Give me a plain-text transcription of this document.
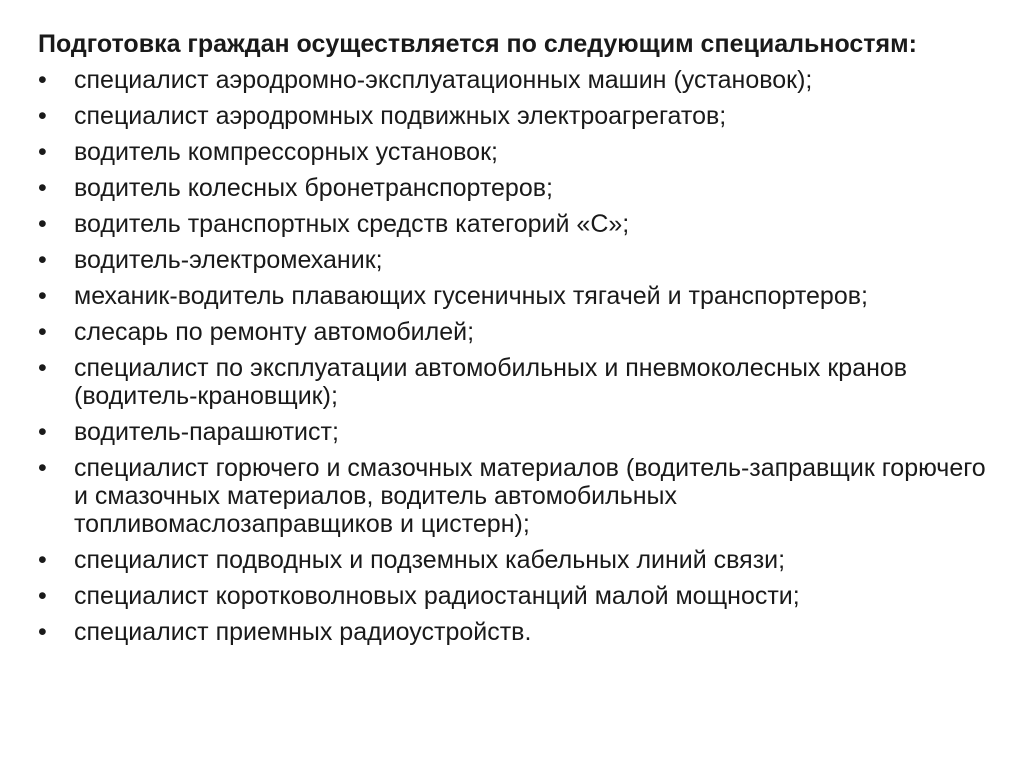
Подготовка граждан осуществляется по следующим специальностям:

•	специалист аэродромно-эксплуатационных машин (установок);
•	специалист аэродромных подвижных электроагрегатов;
•	водитель компрессорных установок;
•	водитель колесных бронетранспортеров;
•	водитель транспортных средств категорий «С»;
•	водитель-электромеханик;
•	механик-водитель плавающих гусеничных тягачей и транспортеров;
•	слесарь по ремонту автомобилей;
•	специалист по эксплуатации автомобильных и пневмоколесных кранов (водитель-крановщик);
•	водитель-парашютист;
•	специалист горючего и смазочных материалов (водитель-заправщик горючего и смазочных материалов, водитель автомобильных топливомаслозаправщиков и цистерн);
•	специалист подводных и подземных кабельных линий связи;
•	специалист коротковолновых радиостанций малой мощности;
•	специалист приемных радиоустройств.
